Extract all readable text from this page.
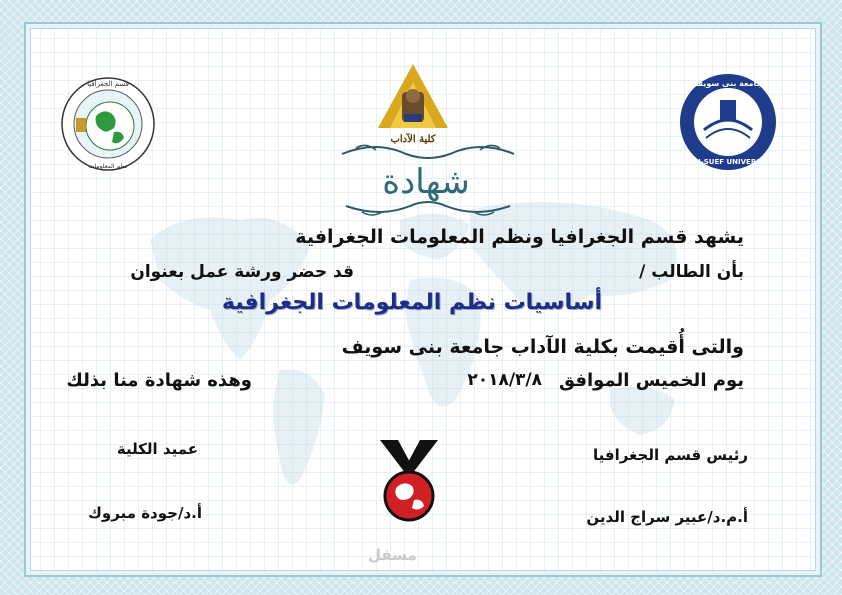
قسم الجغرافيا
نظم المعلومات
كلية الآداب
BENI-SUEF UNIVERSITY
جامعة بنى سويف
شهادة
يشهد قسم الجغرافيا ونظم المعلومات الجغرافية
بأن الطالب /
قد حضر ورشة عمل بعنوان
أساسيات نظم المعلومات الجغرافية
والتى أُقيمت بكلية الآداب جامعة بنى سويف
يوم الخميس الموافق
٢٠١٨/٣/٨
وهذه شهادة منا بذلك
عميد الكلية
أ.د/جودة مبروك
رئيس قسم الجغرافيا
أ.م.د/عبير سراج الدين
مسقل
